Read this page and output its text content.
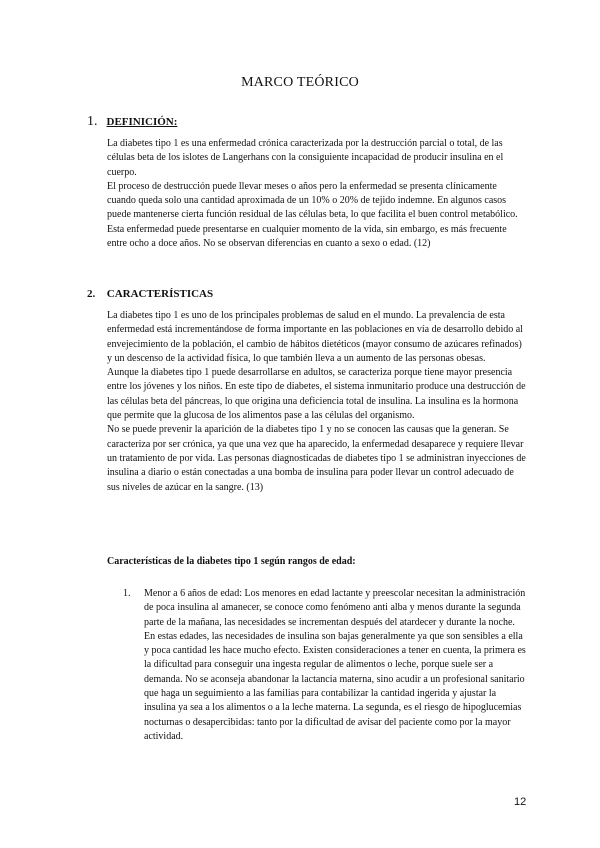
MARCO TEÓRICO
1. DEFINICIÓN:

La diabetes tipo 1 es una enfermedad crónica caracterizada por la destrucción parcial o total, de las células beta de los islotes de Langerhans con la consiguiente incapacidad de producir insulina en el cuerpo.

El proceso de destrucción puede llevar meses o años pero la enfermedad se presenta clínicamente cuando queda solo una cantidad aproximada de un 10% o 20% de tejido indemne. En algunos casos puede mantenerse cierta función residual de las células beta, lo que facilita el buen control metabólico.

Esta enfermedad puede presentarse en cualquier momento de la vida, sin embargo, es más frecuente entre ocho a doce años. No se observan diferencias en cuanto a sexo o edad. (12)

2. CARACTERÍSTICAS

La diabetes tipo 1 es uno de los principales problemas de salud en el mundo. La prevalencia de esta enfermedad está incrementándose de forma importante en las poblaciones en vía de desarrollo debido al envejecimiento de la población, el cambio de hábitos dietéticos (mayor consumo de azúcares refinados) y un descenso de la actividad física, lo que también lleva a un aumento de las personas obesas.

Aunque la diabetes tipo 1 puede desarrollarse en adultos, se caracteriza porque tiene mayor presencia entre los jóvenes y los niños. En este tipo de diabetes, el sistema inmunitario produce una destrucción de las células beta del páncreas, lo que origina una deficiencia total de insulina. La insulina es la hormona que permite que la glucosa de los alimentos pase a las células del organismo.

No se puede prevenir la aparición de la diabetes tipo 1 y no se conocen las causas que la generan. Se caracteriza por ser crónica, ya que una vez que ha aparecido, la enfermedad desaparece y requiere llevar un tratamiento de por vida. Las personas diagnosticadas de diabetes tipo 1 se administran inyecciones de insulina a diario o están conectadas a una bomba de insulina para poder llevar un control adecuado de sus niveles de azúcar en la sangre. (13)

Características de la diabetes tipo 1 según rangos de edad:
1. Menor a 6 años de edad: Los menores en edad lactante y preescolar necesitan la administración de poca insulina al amanecer, se conoce como fenómeno anti alba y menos durante la segunda parte de la mañana, las necesidades se incrementan después del atardecer y durante la noche. En estas edades, las necesidades de insulina son bajas generalmente ya que son sensibles a ella y poca cantidad les hace mucho efecto. Existen consideraciones a tener en cuenta, la primera es la dificultad para conseguir una ingesta regular de alimentos o leche, porque suele ser a demanda. No se aconseja abandonar la lactancia materna, sino acudir a un profesional sanitario que haga un seguimiento a las familias para contabilizar la cantidad ingerida y ajustar la insulina ya sea a los alimentos o a la leche materna. La segunda, es el riesgo de hipoglucemias nocturnas o desapercibidas: tanto por la dificultad de avisar del paciente como por la mayor actividad.

12
